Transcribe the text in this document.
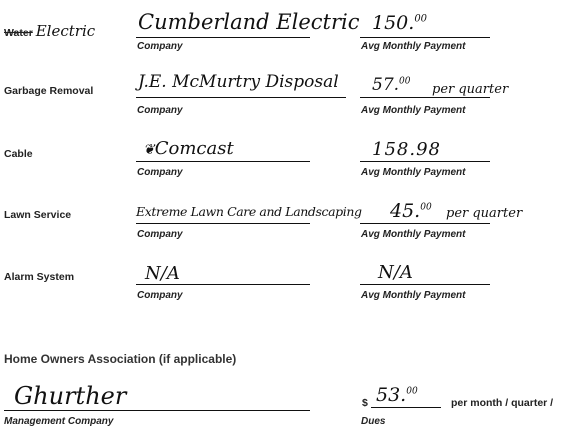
Water Electric Cumberland Electric
Company
150.00
Avg Monthly Payment
Garbage Removal	J.E. McMurtry Disposal
Company
57.00
per quarter
Avg Monthly Payment
Cable	❦Comcast
Company
158.98
Avg Monthly Payment
Lawn Service	Extreme Lawn Care and Landscaping
Company
45.00 per quarter
Avg Monthly Payment
Alarm System	N/A
Company
N/A
Avg Monthly Payment
Home Owners Association (if applicable)
Ghurther
Management Company
$ 53.00
per month / quarter /
Dues
